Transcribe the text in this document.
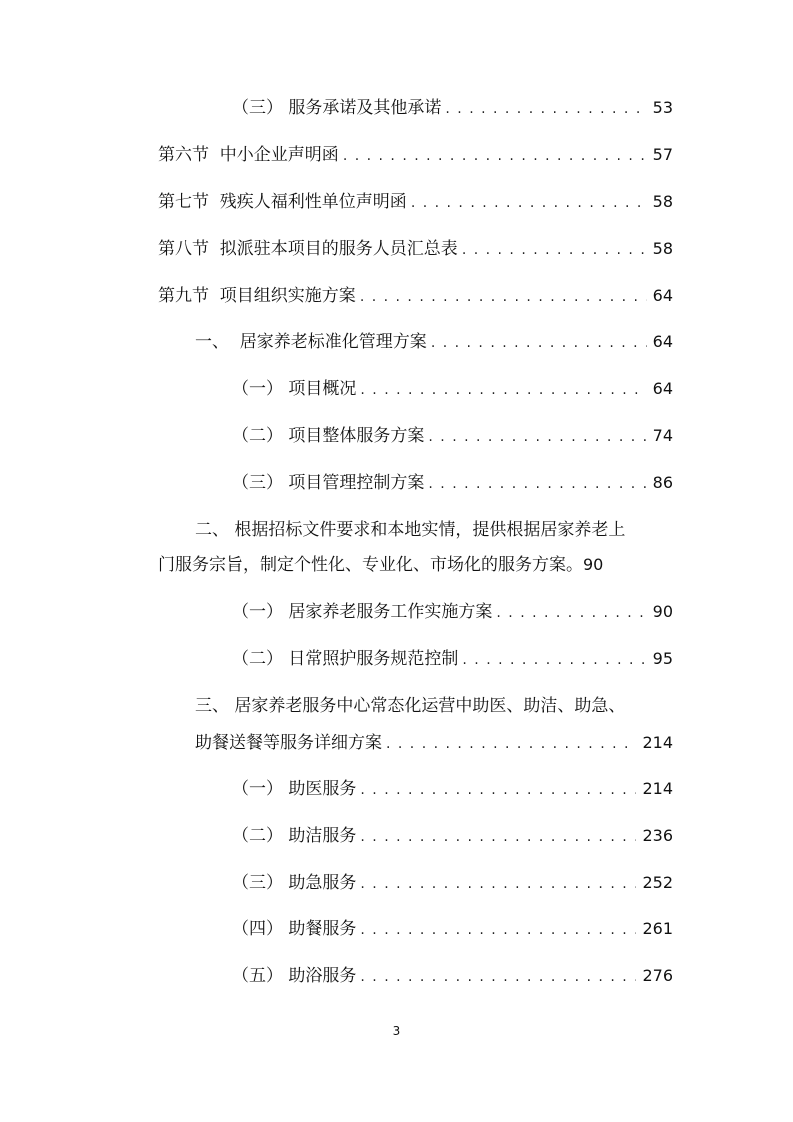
（三） 服务承诺及其他承诺 . . .	53
第六节  中小企业声明函 . . .	57
第七节  残疾人福利性单位声明函 . . .	58
第八节  拟派驻本项目的服务人员汇总表 . . .	58
第九节  项目组织实施方案 . . .	64
一、  居家养老标准化管理方案 . . .	64
（一） 项目概况 . . .	64
（二） 项目整体服务方案 . . .	74
（三） 项目管理控制方案 . . .	86
二、 根据招标文件要求和本地实情，提供根据居家养老上
门服务宗旨，制定个性化、专业化、市场化的服务方案。90
（一） 居家养老服务工作实施方案 . . .	90
（二） 日常照护服务规范控制 . . .	95
三、 居家养老服务中心常态化运营中助医、助洁、助急、
助餐送餐等服务详细方案 . . .	214
（一） 助医服务 . . .	214
（二） 助洁服务 . . .	236
（三） 助急服务 . . .	252
（四） 助餐服务 . . .	261
（五） 助浴服务 . . .	276
3
